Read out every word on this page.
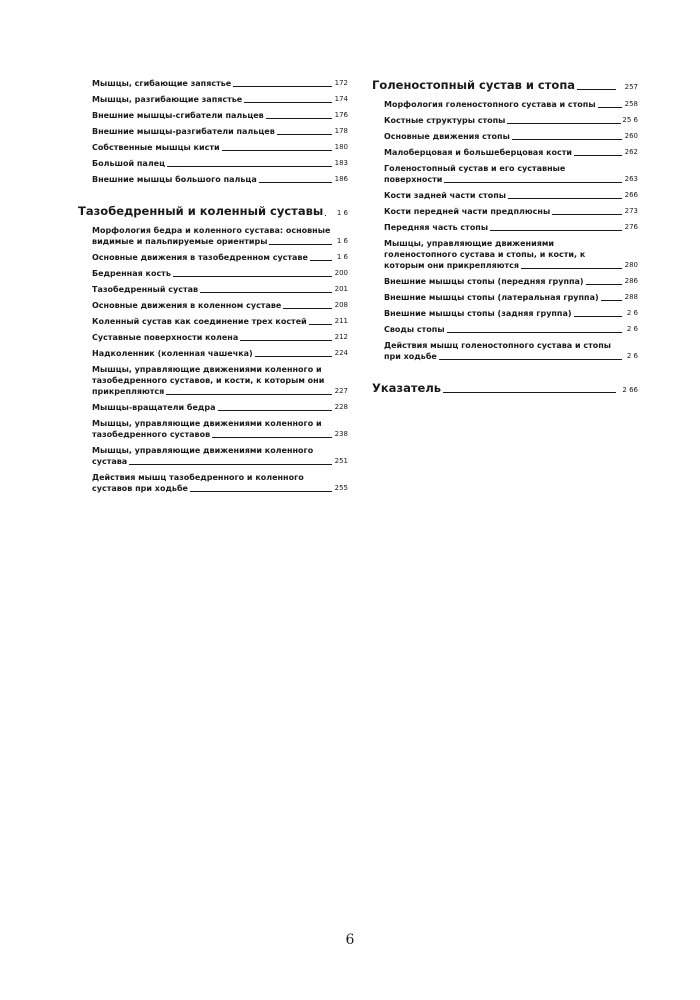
Мышцы, сгибающие запястье	172
Мышцы, разгибающие запястье	174
Внешние мышцы-сгибатели пальцев	176
Внешние мышцы-разгибатели пальцев	178
Собственные мышцы кисти	180
Большой палец	183
Внешние мышцы большого пальца	186
Тазобедренный и коленный суставы 1 6
Морфология бедра и коленного сустава: основные видимые и пальпируемые ориентиры	1 6
Основные движения в тазобедренном суставе	1 6
Бедренная кость	200
Тазобедренный сустав	201
Основные движения в коленном суставе	208
Коленный сустав как соединение трех костей	211
Суставные поверхности колена	212
Надколенник (коленная чашечка)	224
Мышцы, управляющие движениями коленного и тазобедренного суставов, и кости, к которым они прикрепляются	227
Мышцы-вращатели бедра	228
Мышцы, управляющие движениями коленного и тазобедренного суставов	238
Мышцы, управляющие движениями коленного сустава	251
Действия мышц тазобедренного и коленного суставов при ходьбе	255
Голеностопный сустав и стопа	257
Морфология голеностопного сустава и стопы	258
Костные структуры стопы	25 6
Основные движения стопы	260
Малоберцовая и большеберцовая кости	262
Голеностопный сустав и его суставные поверхности	263
Кости задней части стопы	266
Кости передней части предплюсны	273
Передняя часть стопы	276
Мышцы, управляющие движениями голеностопного сустава и стопы, и кости, к которым они прикрепляются	280
Внешние мышцы стопы (передняя группа)	286
Внешние мышцы стопы (латеральная группа)	288
Внешние мышцы стопы (задняя группа)	2 6
Своды стопы	2 6
Действия мышц голеностопного сустава и стопы при ходьбе	2 6
Указатель	2 66
6
